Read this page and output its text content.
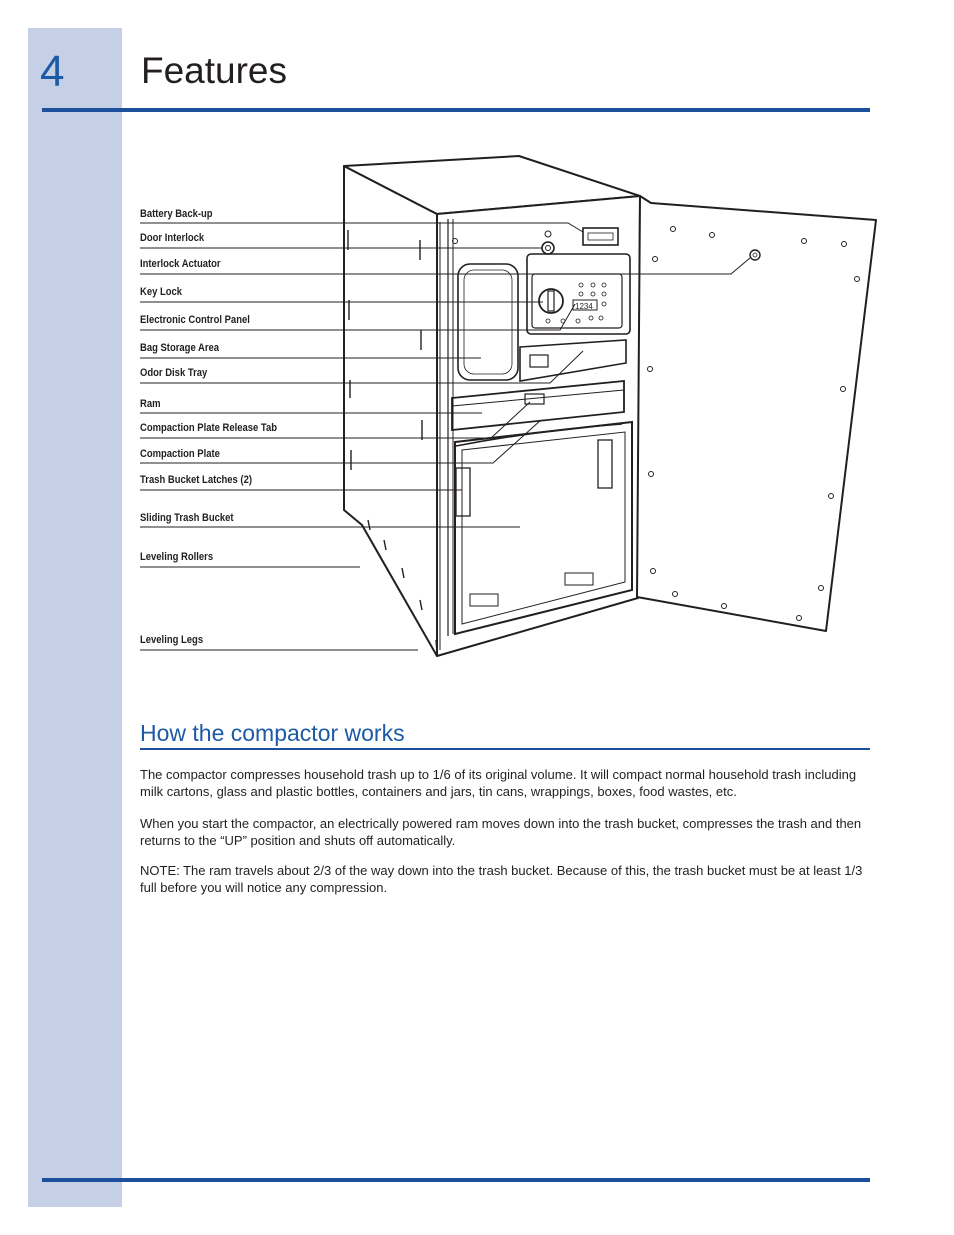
4 Features
1234
Battery Back-up
Door Interlock
Interlock Actuator
Key Lock
Electronic Control Panel
Bag Storage Area
Odor Disk Tray
Ram
Compaction Plate Release Tab
Compaction Plate
Trash Bucket Latches (2)
Sliding Trash Bucket
Leveling Rollers
Leveling Legs
How the compactor works

The compactor compresses household trash up to 1/6 of its original volume. It will compact normal household trash including milk cartons, glass and plastic bottles, containers and jars, tin cans, wrappings, boxes, food wastes, etc.

When you start the compactor, an electrically powered ram moves down into the trash bucket, compresses the trash and then returns to the “UP” position and shuts off automatically.

NOTE: The ram travels about 2/3 of the way down into the trash bucket. Because of this, the trash bucket must be at least 1/3 full before you will notice any compression.
